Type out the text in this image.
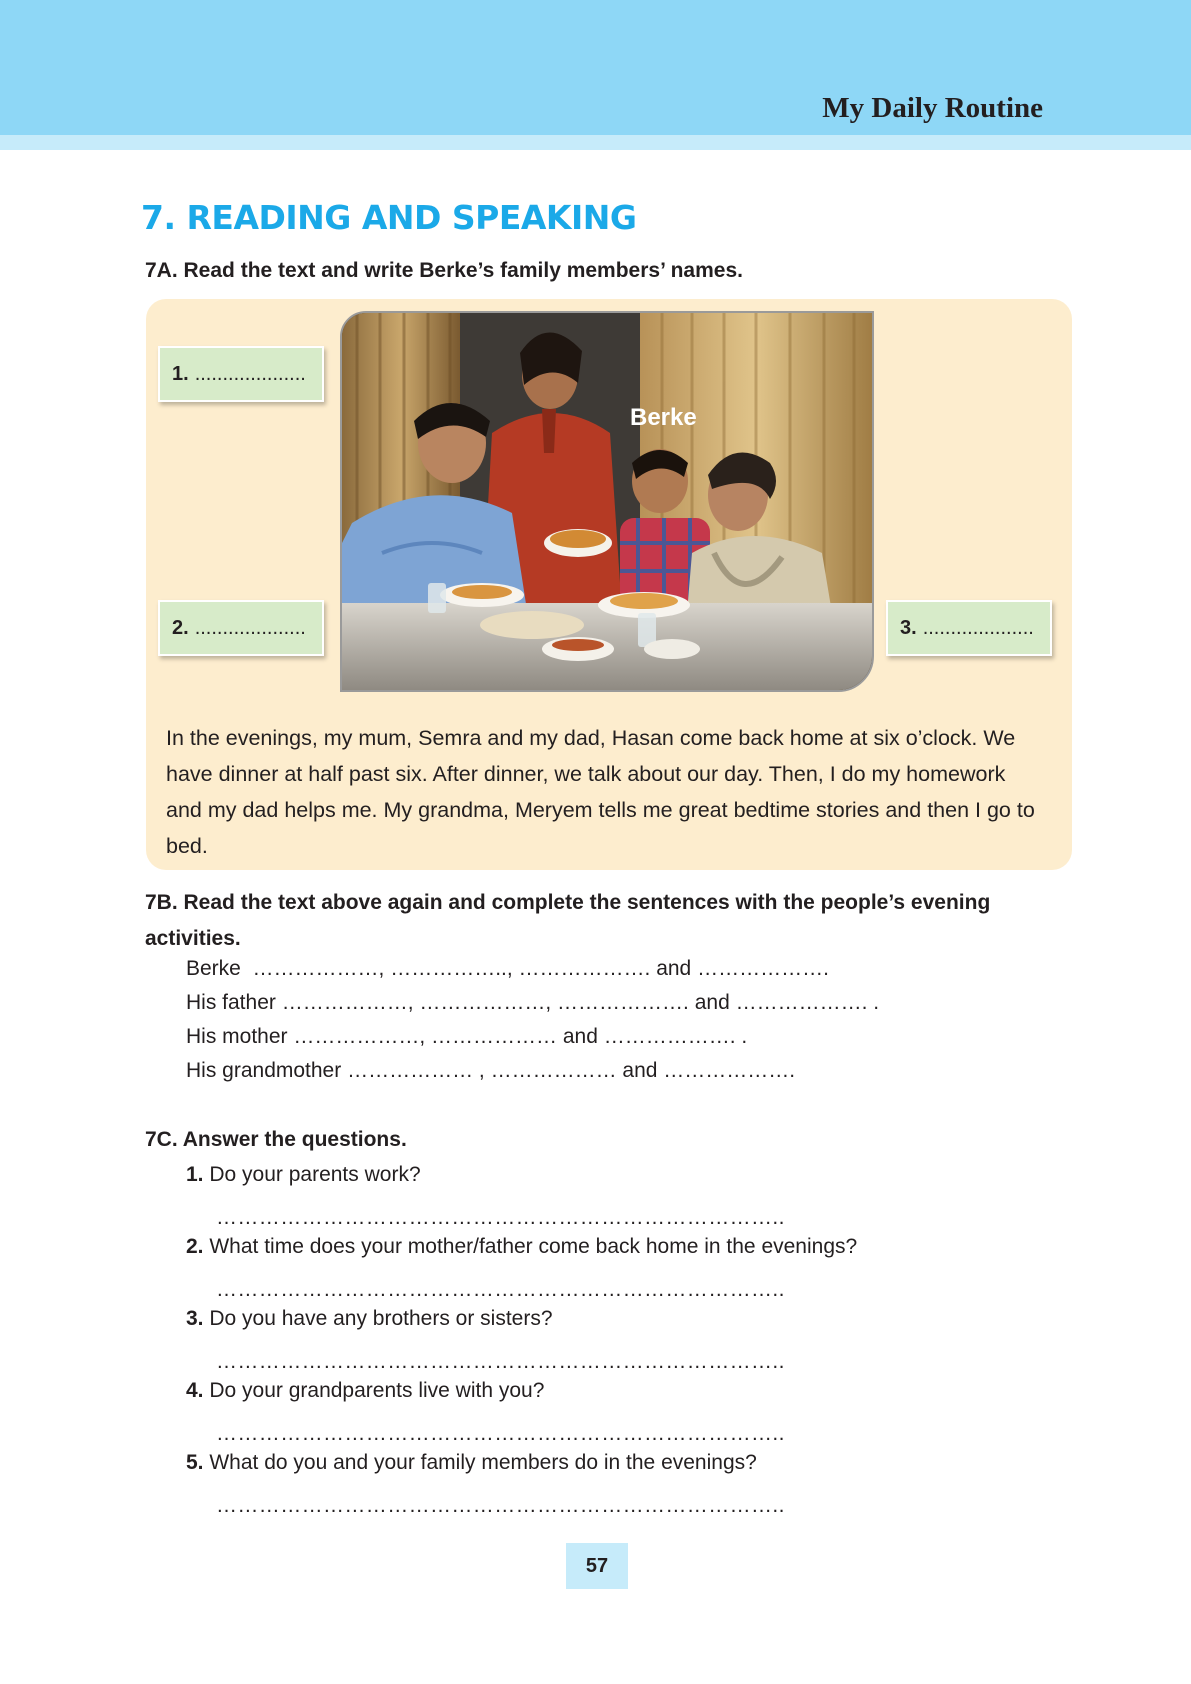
My Daily Routine
7. READING AND SPEAKING
7A. Read the text and write Berke’s family members’ names.
1. ....................
2. ....................	3. ....................
Berke
In the evenings, my mum, Semra and my dad, Hasan come back home at six o’clock. We have dinner at half past six. After dinner, we talk about our day. Then, I do my homework and my dad helps me. My grandma, Meryem tells me great bedtime stories and then I go to bed.
7B. Read the text above again and complete the sentences with the people’s evening activities.
Berke  ………………, …………….., ………………. and ……………….
His father ………………, ………………, ………………. and ………………. .
His mother ………………, ……………… and ………………. .
His grandmother ……………… , ……………… and ……………….
7C. Answer the questions.
1. Do your parents work?
……………………………………………………………………..
2. What time does your mother/father come back home in the evenings?
……………………………………………………………………..
3. Do you have any brothers or sisters?
……………………………………………………………………..
4. Do your grandparents live with you?
……………………………………………………………………..
5. What do you and your family members do in the evenings?
……………………………………………………………………..
57
